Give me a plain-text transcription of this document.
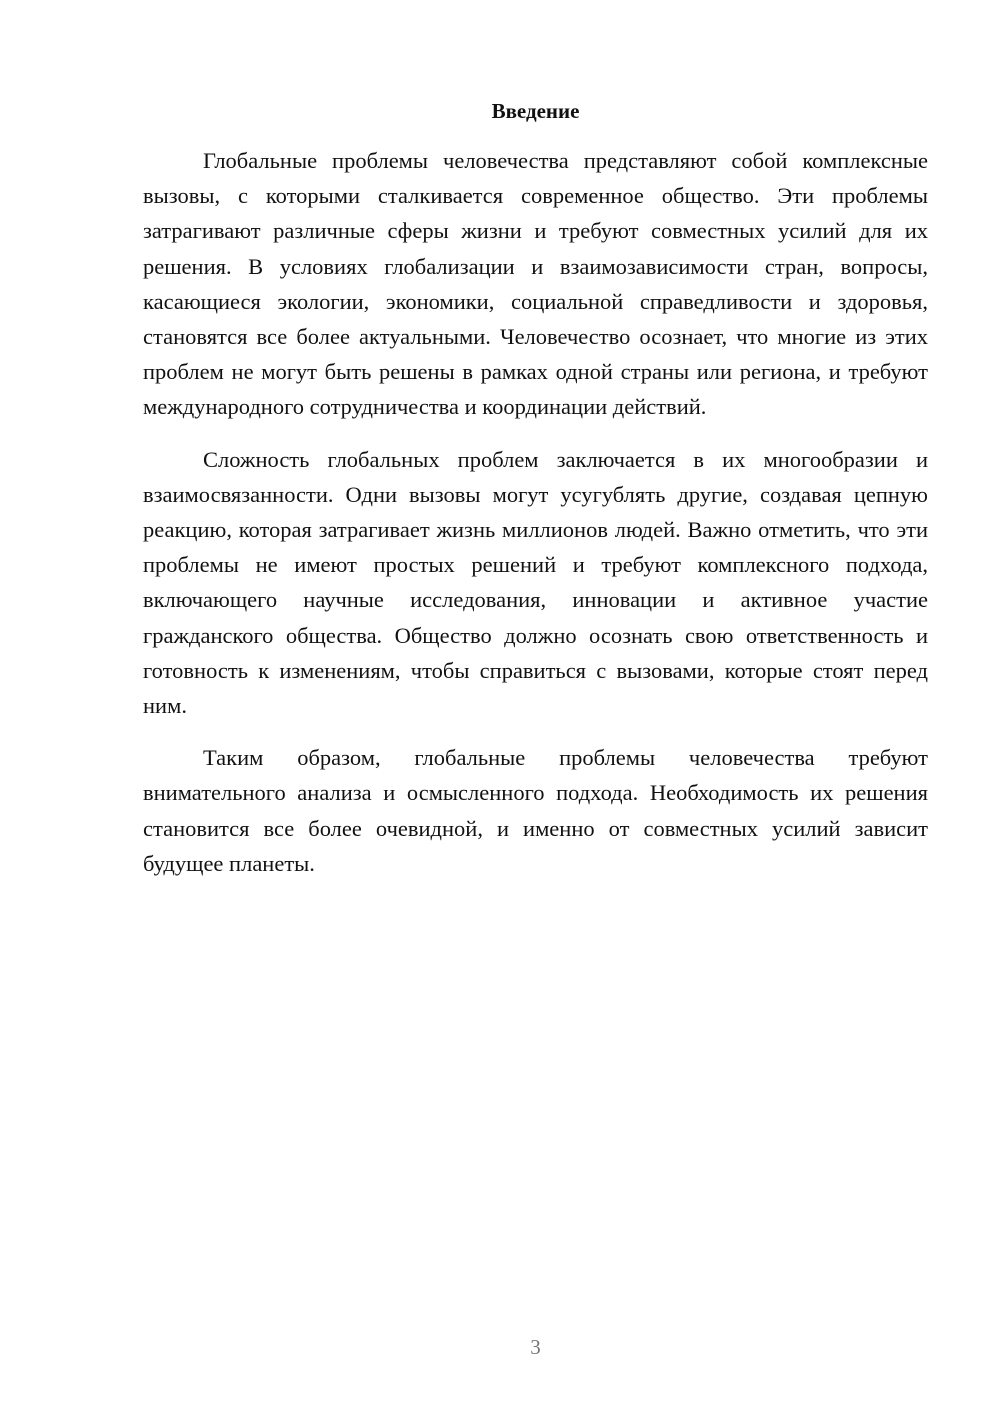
Введение

Глобальные проблемы человечества представляют собой комплексные вызовы, с которыми сталкивается современное общество. Эти проблемы затрагивают различные сферы жизни и требуют совместных усилий для их решения. В условиях глобализации и взаимозависимости стран, вопросы, касающиеся экологии, экономики, социальной справедливости и здоровья, становятся все более актуальными. Человечество осознает, что многие из этих проблем не могут быть решены в рамках одной страны или региона, и требуют международного сотрудничества и координации действий.

Сложность глобальных проблем заключается в их многообразии и взаимосвязанности. Одни вызовы могут усугублять другие, создавая цепную реакцию, которая затрагивает жизнь миллионов людей. Важно отметить, что эти проблемы не имеют простых решений и требуют комплексного подхода, включающего научные исследования, инновации и активное участие гражданского общества. Общество должно осознать свою ответственность и готовность к изменениям, чтобы справиться с вызовами, которые стоят перед ним.

Таким образом, глобальные проблемы человечества требуют внимательного анализа и осмысленного подхода. Необходимость их решения становится все более очевидной, и именно от совместных усилий зависит будущее планеты.

3
